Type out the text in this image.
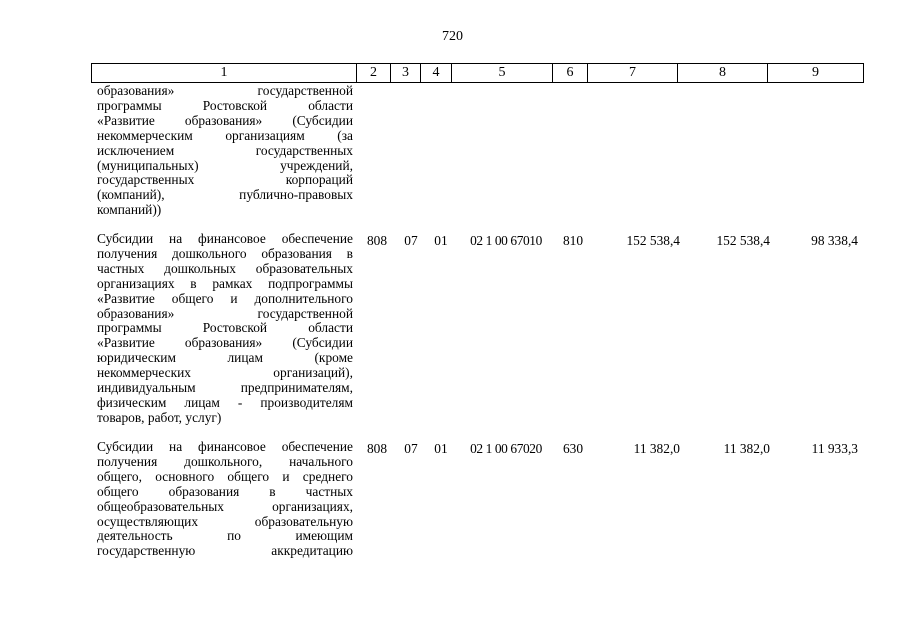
720
1	2	3	4	5	6	7	8	9
образования» государственной
программы Ростовской области
«Развитие образования» (Субсидии
некоммерческим организациям (за
исключением государственных
(муниципальных) учреждений,
государственных корпораций
(компаний), публично-правовых
компаний))
Субсидии на финансовое обеспечение
получения дошкольного образования в
частных дошкольных образовательных
организациях в рамках подпрограммы
«Развитие общего и дополнительного
образования» государственной
программы Ростовской области
«Развитие образования» (Субсидии
юридическим лицам (кроме
некоммерческих организаций),
индивидуальным предпринимателям,
физическим лицам - производителям
товаров, работ, услуг)
808	07	01	02 1 00 67010	810	152 538,4	152 538,4	98 338,4
Субсидии на финансовое обеспечение
получения дошкольного, начального
общего, основного общего и среднего
общего образования в частных
общеобразовательных организациях,
осуществляющих образовательную
деятельность по имеющим
государственную аккредитацию
808	07	01	02 1 00 67020	630	11 382,0	11 382,0	11 933,3
